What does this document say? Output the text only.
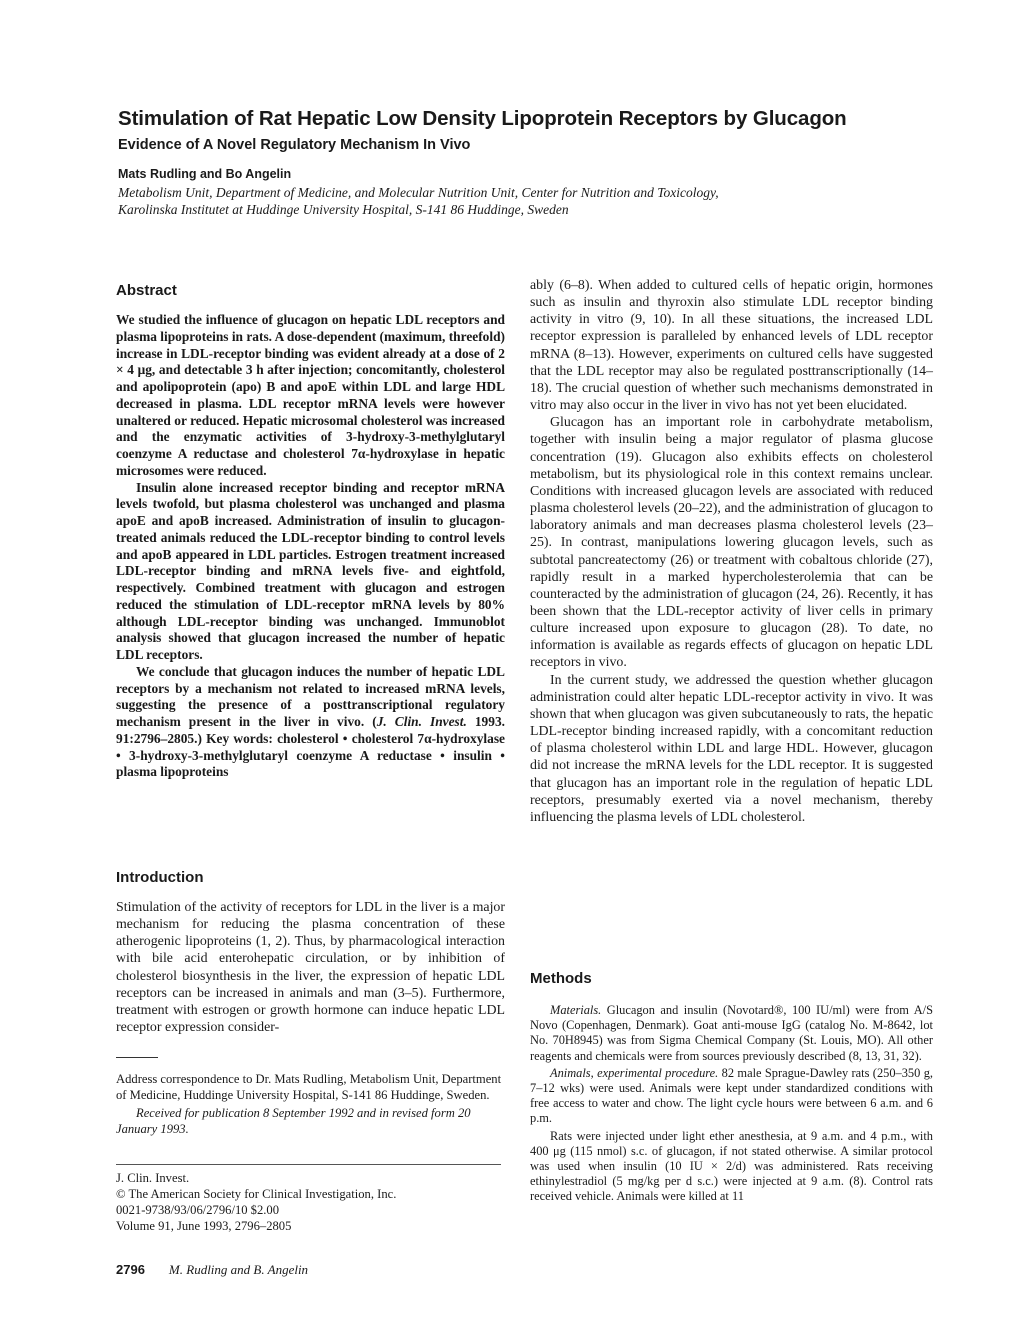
Stimulation of Rat Hepatic Low Density Lipoprotein Receptors by Glucagon
Evidence of A Novel Regulatory Mechanism In Vivo
Mats Rudling and Bo Angelin
Metabolism Unit, Department of Medicine, and Molecular Nutrition Unit, Center for Nutrition and Toxicology,
Karolinska Institutet at Huddinge University Hospital, S-141 86 Huddinge, Sweden
Abstract

We studied the influence of glucagon on hepatic LDL receptors and plasma lipoproteins in rats. A dose-dependent (maximum, threefold) increase in LDL-receptor binding was evident already at a dose of 2 × 4 μg, and detectable 3 h after injection; concomitantly, cholesterol and apolipoprotein (apo) B and apoE within LDL and large HDL decreased in plasma. LDL receptor mRNA levels were however unaltered or reduced. Hepatic microsomal cholesterol was increased and the enzymatic activities of 3-hydroxy-3-methylglutaryl coenzyme A reductase and cholesterol 7α-hydroxylase in hepatic microsomes were reduced.

Insulin alone increased receptor binding and receptor mRNA levels twofold, but plasma cholesterol was unchanged and plasma apoE and apoB increased. Administration of insulin to glucagon-treated animals reduced the LDL-receptor binding to control levels and apoB appeared in LDL particles. Estrogen treatment increased LDL-receptor binding and mRNA levels five- and eightfold, respectively. Combined treatment with glucagon and estrogen reduced the stimulation of LDL-receptor mRNA levels by 80% although LDL-receptor binding was unchanged. Immunoblot analysis showed that glucagon increased the number of hepatic LDL receptors.

We conclude that glucagon induces the number of hepatic LDL receptors by a mechanism not related to increased mRNA levels, suggesting the presence of a posttranscriptional regulatory mechanism present in the liver in vivo. (J. Clin. Invest. 1993. 91:2796–2805.) Key words: cholesterol • cholesterol 7α-hydroxylase • 3-hydroxy-3-methylglutaryl coenzyme A reductase • insulin • plasma lipoproteins

Introduction

Stimulation of the activity of receptors for LDL in the liver is a major mechanism for reducing the plasma concentration of these atherogenic lipoproteins (1, 2). Thus, by pharmacological interaction with bile acid enterohepatic circulation, or by inhibition of cholesterol biosynthesis in the liver, the expression of hepatic LDL receptors can be increased in animals and man (3–5). Furthermore, treatment with estrogen or growth hormone can induce hepatic LDL receptor expression consider-

Address correspondence to Dr. Mats Rudling, Metabolism Unit, Department of Medicine, Huddinge University Hospital, S-141 86 Huddinge, Sweden.

Received for publication 8 September 1992 and in revised form 20 January 1993.

J. Clin. Invest.

© The American Society for Clinical Investigation, Inc.

0021-9738/93/06/2796/10 $2.00

Volume 91, June 1993, 2796–2805

ably (6–8). When added to cultured cells of hepatic origin, hormones such as insulin and thyroxin also stimulate LDL receptor binding activity in vitro (9, 10). In all these situations, the increased LDL receptor expression is paralleled by enhanced levels of LDL receptor mRNA (8–13). However, experiments on cultured cells have suggested that the LDL receptor may also be regulated posttranscriptionally (14–18). The crucial question of whether such mechanisms demonstrated in vitro may also occur in the liver in vivo has not yet been elucidated.

Glucagon has an important role in carbohydrate metabolism, together with insulin being a major regulator of plasma glucose concentration (19). Glucagon also exhibits effects on cholesterol metabolism, but its physiological role in this context remains unclear. Conditions with increased glucagon levels are associated with reduced plasma cholesterol levels (20–22), and the administration of glucagon to laboratory animals and man decreases plasma cholesterol levels (23–25). In contrast, manipulations lowering glucagon levels, such as subtotal pancreatectomy (26) or treatment with cobaltous chloride (27), rapidly result in a marked hypercholesterolemia that can be counteracted by the administration of glucagon (24, 26). Recently, it has been shown that the LDL-receptor activity of liver cells in primary culture increased upon exposure to glucagon (28). To date, no information is available as regards effects of glucagon on hepatic LDL receptors in vivo.

In the current study, we addressed the question whether glucagon administration could alter hepatic LDL-receptor activity in vivo. It was shown that when glucagon was given subcutaneously to rats, the hepatic LDL-receptor binding increased rapidly, with a concomitant reduction of plasma cholesterol within LDL and large HDL. However, glucagon did not increase the mRNA levels for the LDL receptor. It is suggested that glucagon has an important role in the regulation of hepatic LDL receptors, presumably exerted via a novel mechanism, thereby influencing the plasma levels of LDL cholesterol.

Methods

Materials. Glucagon and insulin (Novotard®, 100 IU/ml) were from A/S Novo (Copenhagen, Denmark). Goat anti-mouse IgG (catalog No. M-8642, lot No. 70H8945) was from Sigma Chemical Company (St. Louis, MO). All other reagents and chemicals were from sources previously described (8, 13, 31, 32).

Animals, experimental procedure. 82 male Sprague-Dawley rats (250–350 g, 7–12 wks) were used. Animals were kept under standardized conditions with free access to water and chow. The light cycle hours were between 6 a.m. and 6 p.m.

Rats were injected under light ether anesthesia, at 9 a.m. and 4 p.m., with 400 μg (115 nmol) s.c. of glucagon, if not stated otherwise. A similar protocol was used when insulin (10 IU × 2/d) was administered. Rats receiving ethinylestradiol (5 mg/kg per d s.c.) were injected at 9 a.m. (8). Control rats received vehicle. Animals were killed at 11

2796 M. Rudling and B. Angelin
